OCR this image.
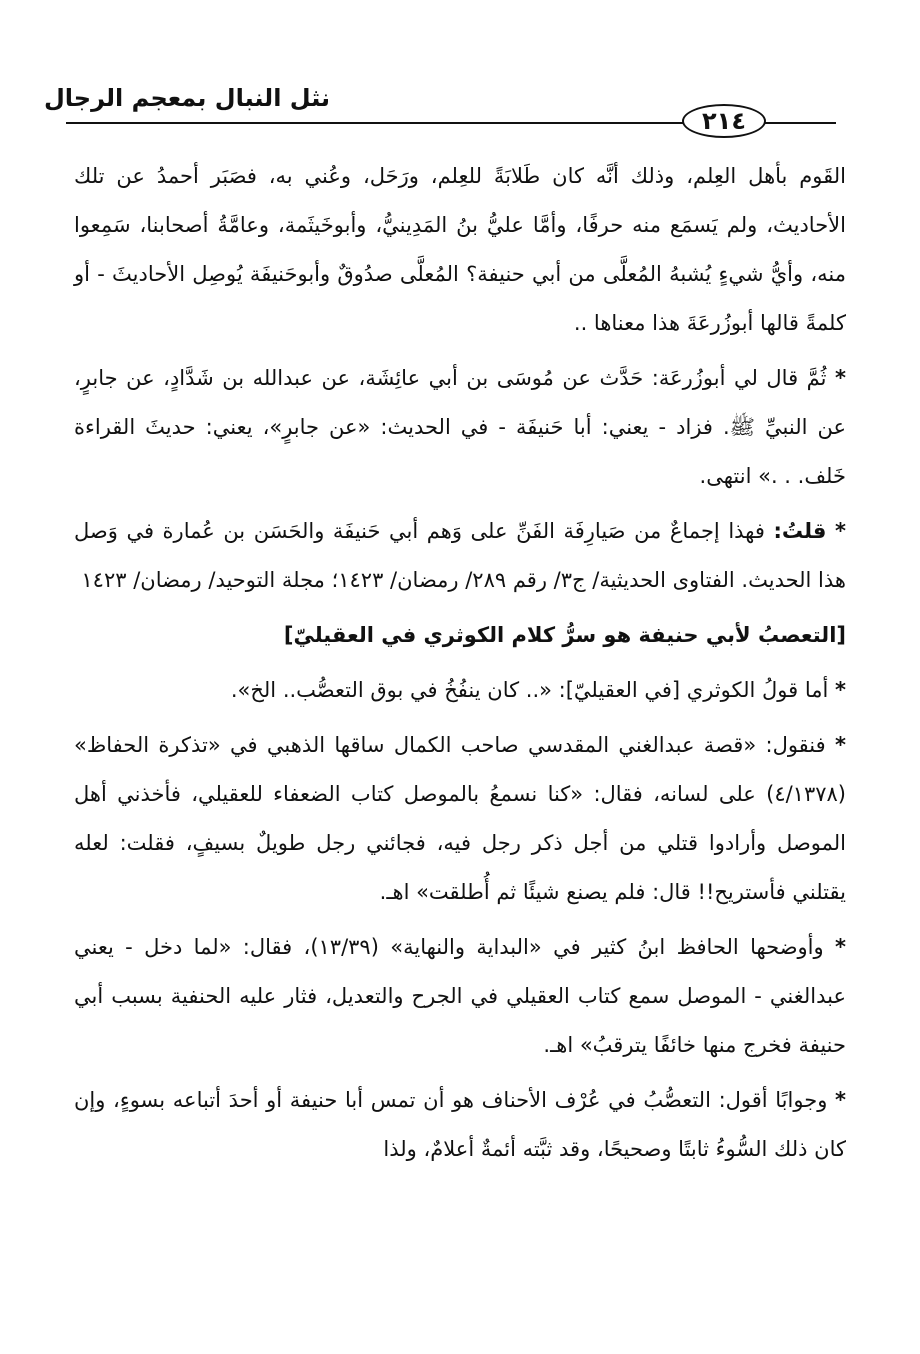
نثل النبال بمعجم الرجال
٢١٤

القَوم بأهل العِلم، وذلك أنَّه كان طَلابَةً للعِلم، ورَحَل، وعُني به، فصَبَر أحمدُ عن تلك الأحاديث، ولم يَسمَع منه حرفًا، وأمَّا عليُّ بنُ المَدِينيُّ، وأبوخَيثَمة، وعامَّةُ أصحابنا، سَمِعوا منه، وأيُّ شيءٍ يُشبهُ المُعلَّى من أبي حنيفة؟ المُعلَّى صدُوقٌ وأبوحَنيفَة يُوصِل الأحاديثَ - أو كلمةً قالها أبوزُرعَةَ هذا معناها ..

* ثُمَّ قال لي أبوزُرعَة: حَدَّث عن مُوسَى بن أبي عائِشَة، عن عبدالله بن شَدَّادٍ، عن جابرٍ، عن النبيِّ ﷺ. فزاد - يعني: أبا حَنيفَة - في الحديث: «عن جابرٍ»، يعني: حديثَ القراءة خَلف. . .» انتهى.

* قلتُ: فهذا إجماعٌ من صَيارِفَة الفَنِّ على وَهم أبي حَنيفَة والحَسَن بن عُمارة في وَصل هذا الحديث. الفتاوى الحديثية/ ج٣/ رقم ٢٨٩/ رمضان/ ١٤٢٣؛ مجلة التوحيد/ رمضان/ ١٤٢٣

[التعصبُ لأبي حنيفة هو سرُّ كلام الكوثري في العقيليّ]

* أما قولُ الكوثري [في العقيليّ]: «.. كان ينفُخُ في بوق التعصُّب.. الخ».

* فنقول: «قصة عبدالغني المقدسي صاحب الكمال ساقها الذهبي في «تذكرة الحفاظ» (٤/١٣٧٨) على لسانه، فقال: «كنا نسمعُ بالموصل كتاب الضعفاء للعقيلي، فأخذني أهل الموصل وأرادوا قتلي من أجل ذكر رجل فيه، فجائني رجل طويلٌ بسيفٍ، فقلت: لعله يقتلني فأستريح!! قال: فلم يصنع شيئًا ثم أُطلقت» اهـ.

* وأوضحها الحافظ ابنُ كثير في «البداية والنهاية» (١٣/٣٩)، فقال: «لما دخل - يعني عبدالغني - الموصل سمع كتاب العقيلي في الجرح والتعديل، فثار عليه الحنفية بسبب أبي حنيفة فخرج منها خائفًا يترقبُ» اهـ.

* وجوابًا أقول: التعصُّبُ في عُرْف الأحناف هو أن تمس أبا حنيفة أو أحدَ أتباعه بسوءٍ، وإن كان ذلك السُّوءُ ثابتًا وصحيحًا، وقد ثبَّته أئمةٌ أعلامٌ، ولذا
